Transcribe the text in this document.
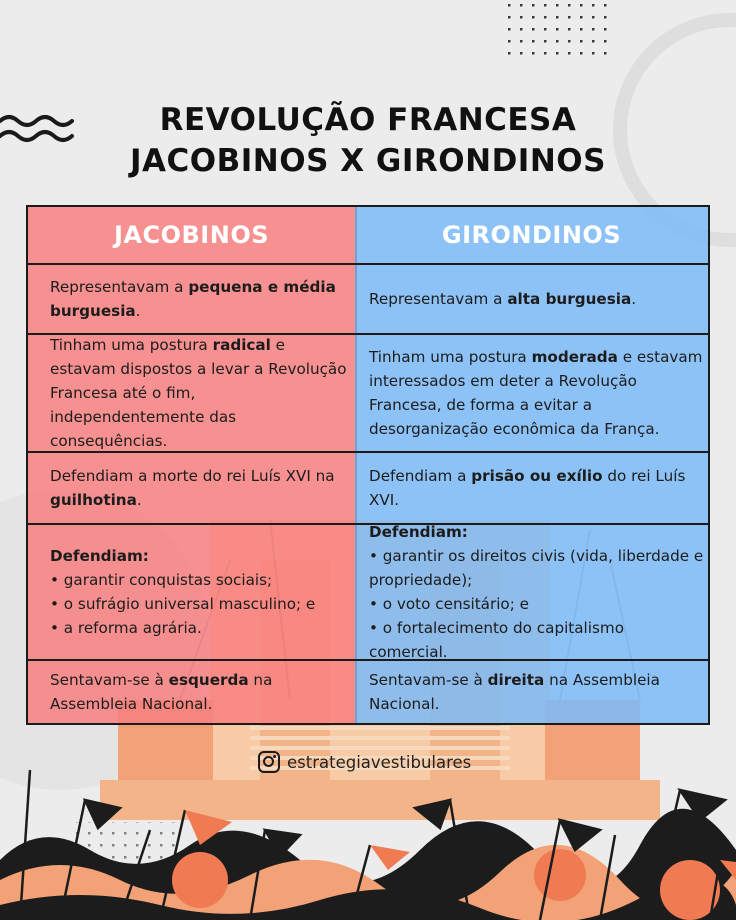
REVOLUÇÃO FRANCESA
JACOBINOS X GIRONDINOS
JACOBINOS
Representavam a pequena e média burguesia.
Tinham uma postura radical e estavam dispostos a levar a Revolução Francesa até o fim, independentemente das consequências.
Defendiam a morte do rei Luís XVI na guilhotina.
Defendiam:
• garantir conquistas sociais;
• o sufrágio universal masculino; e
• a reforma agrária.
Sentavam-se à esquerda na Assembleia Nacional.
GIRONDINOS
Representavam a alta burguesia.
Tinham uma postura moderada e estavam interessados em deter a Revolução Francesa, de forma a evitar a desorganização econômica da França.
Defendiam a prisão ou exílio do rei Luís XVI.
Defendiam:
• garantir os direitos civis (vida, liberdade e propriedade);
• o voto censitário; e
• o fortalecimento do capitalismo comercial.
Sentavam-se à direita na Assembleia Nacional.
estrategiavestibulares
